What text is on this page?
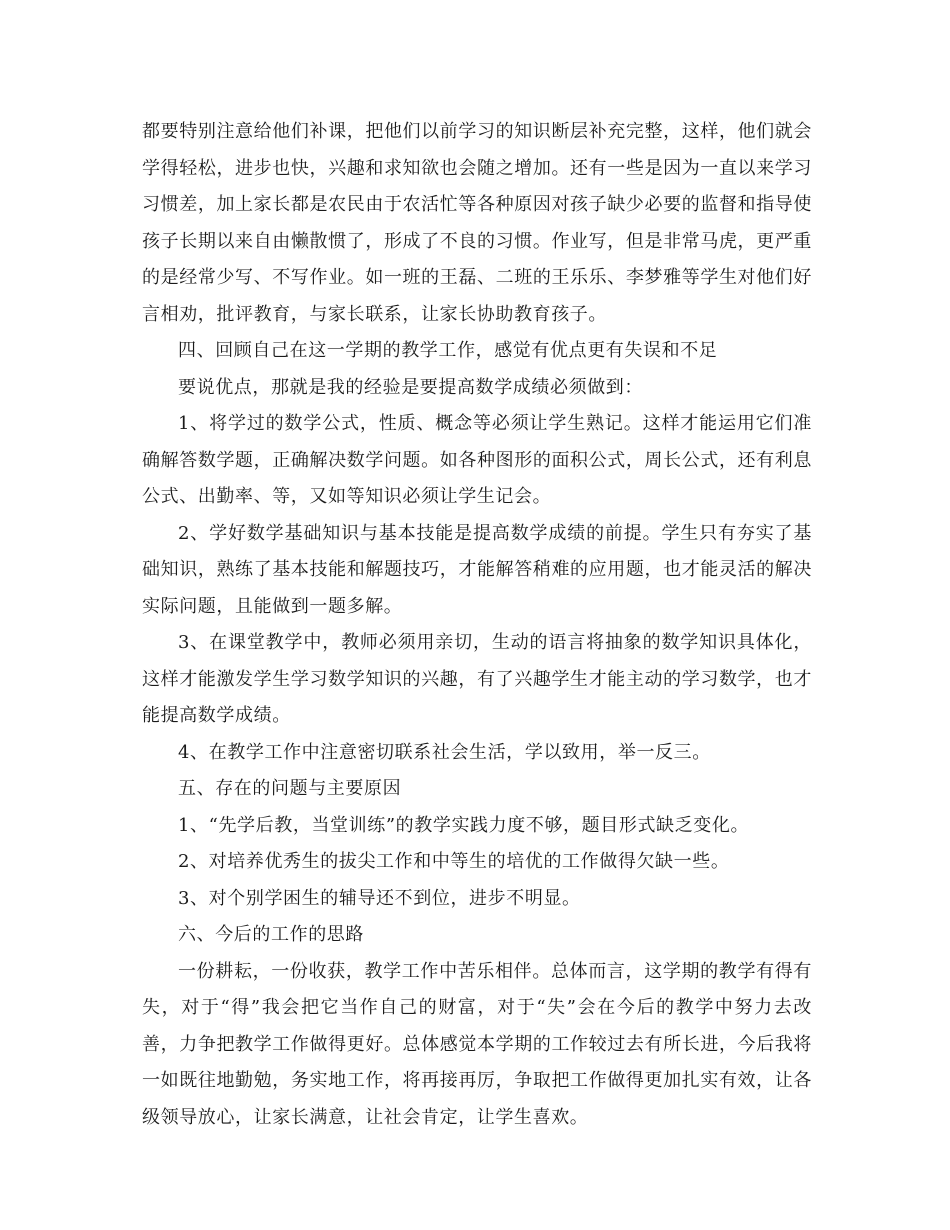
都要特别注意给他们补课，把他们以前学习的知识断层补充完整，这样，他们就会学得轻松，进步也快，兴趣和求知欲也会随之增加。还有一些是因为一直以来学习习惯差，加上家长都是农民由于农活忙等各种原因对孩子缺少必要的监督和指导使孩子长期以来自由懒散惯了，形成了不良的习惯。作业写，但是非常马虎，更严重的是经常少写、不写作业。如一班的王磊、二班的王乐乐、李梦雅等学生对他们好言相劝，批评教育，与家长联系，让家长协助教育孩子。

四、回顾自己在这一学期的教学工作，感觉有优点更有失误和不足

要说优点，那就是我的经验是要提高数学成绩必须做到：

1、将学过的数学公式，性质、概念等必须让学生熟记。这样才能运用它们准确解答数学题，正确解决数学问题。如各种图形的面积公式，周长公式，还有利息公式、出勤率、等，又如等知识必须让学生记会。

2、学好数学基础知识与基本技能是提高数学成绩的前提。学生只有夯实了基础知识，熟练了基本技能和解题技巧，才能解答稍难的应用题，也才能灵活的解决实际问题，且能做到一题多解。

3、在课堂教学中，教师必须用亲切，生动的语言将抽象的数学知识具体化，这样才能激发学生学习数学知识的兴趣，有了兴趣学生才能主动的学习数学，也才能提高数学成绩。

4、在教学工作中注意密切联系社会生活，学以致用，举一反三。

五、存在的问题与主要原因

1、“先学后教，当堂训练”的教学实践力度不够，题目形式缺乏变化。

2、对培养优秀生的拔尖工作和中等生的培优的工作做得欠缺一些。

3、对个别学困生的辅导还不到位，进步不明显。

六、今后的工作的思路

一份耕耘，一份收获，教学工作中苦乐相伴。总体而言，这学期的教学有得有失，对于“得”我会把它当作自己的财富，对于“失”会在今后的教学中努力去改善，力争把教学工作做得更好。总体感觉本学期的工作较过去有所长进，今后我将一如既往地勤勉，务实地工作，将再接再厉，争取把工作做得更加扎实有效，让各级领导放心，让家长满意，让社会肯定，让学生喜欢。
